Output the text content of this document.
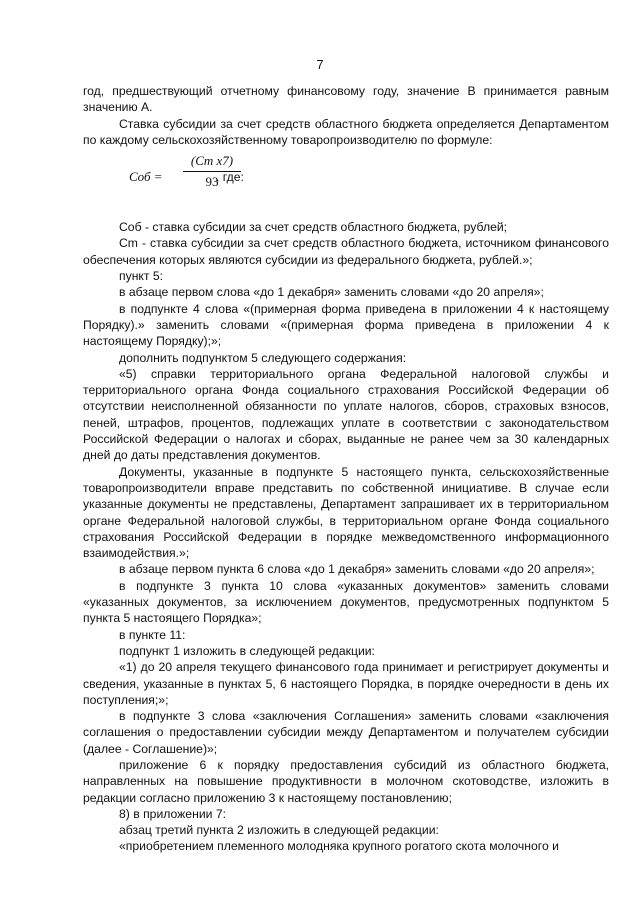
7

год, предшествующий отчетному финансовому году, значение В принимается равным значению А.

Ставка субсидии за счет средств областного бюджета определяется Департаментом по каждому сельскохозяйственному товаропроизводителю по формуле:

Cоб = $\frac{\text{(Cm x7)}}{93}$
, где:

Соб - ставка субсидии за счет средств областного бюджета, рублей;

Cm - ставка субсидии за счет средств областного бюджета, источником финансового обеспечения которых являются субсидии из федерального бюджета, рублей.»;

пункт 5:

в абзаце первом слова «до 1 декабря» заменить словами «до 20 апреля»;

в подпункте 4 слова «(примерная форма приведена в приложении 4 к настоящему Порядку).» заменить словами «(примерная форма приведена в приложении 4 к настоящему Порядку);»;

дополнить подпунктом 5 следующего содержания:

«5) справки территориального органа Федеральной налоговой службы и территориального органа Фонда социального страхования Российской Федерации об отсутствии неисполненной обязанности по уплате налогов, сборов, страховых взносов, пеней, штрафов, процентов, подлежащих уплате в соответствии с законодательством Российской Федерации о налогах и сборах, выданные не ранее чем за 30 календарных дней до даты представления документов.

Документы, указанные в подпункте 5 настоящего пункта, сельскохозяйственные товаропроизводители вправе представить по собственной инициативе. В случае если указанные документы не представлены, Департамент запрашивает их в территориальном органе Федеральной налоговой службы, в территориальном органе Фонда социального страхования Российской Федерации в порядке межведомственного информационного взаимодействия.»;

в абзаце первом пункта 6 слова «до 1 декабря» заменить словами «до 20 апреля»;

в подпункте 3 пункта 10 слова «указанных документов» заменить словами «указанных документов, за исключением документов, предусмотренных подпунктом 5 пункта 5 настоящего Порядка»;

в пункте 11:

подпункт 1 изложить в следующей редакции:

«1) до 20 апреля текущего финансового года принимает и регистрирует документы и сведения, указанные в пунктах 5, 6 настоящего Порядка, в порядке очередности в день их поступления;»;

в подпункте 3 слова «заключения Соглашения» заменить словами «заключения соглашения о предоставлении субсидии между Департаментом и получателем субсидии (далее - Соглашение)»;

приложение 6 к порядку предоставления субсидий из областного бюджета, направленных на повышение продуктивности в молочном скотоводстве, изложить в редакции согласно приложению 3 к настоящему постановлению;

8) в приложении 7:

абзац третий пункта 2 изложить в следующей редакции:

«приобретением племенного молодняка крупного рогатого скота молочного и
